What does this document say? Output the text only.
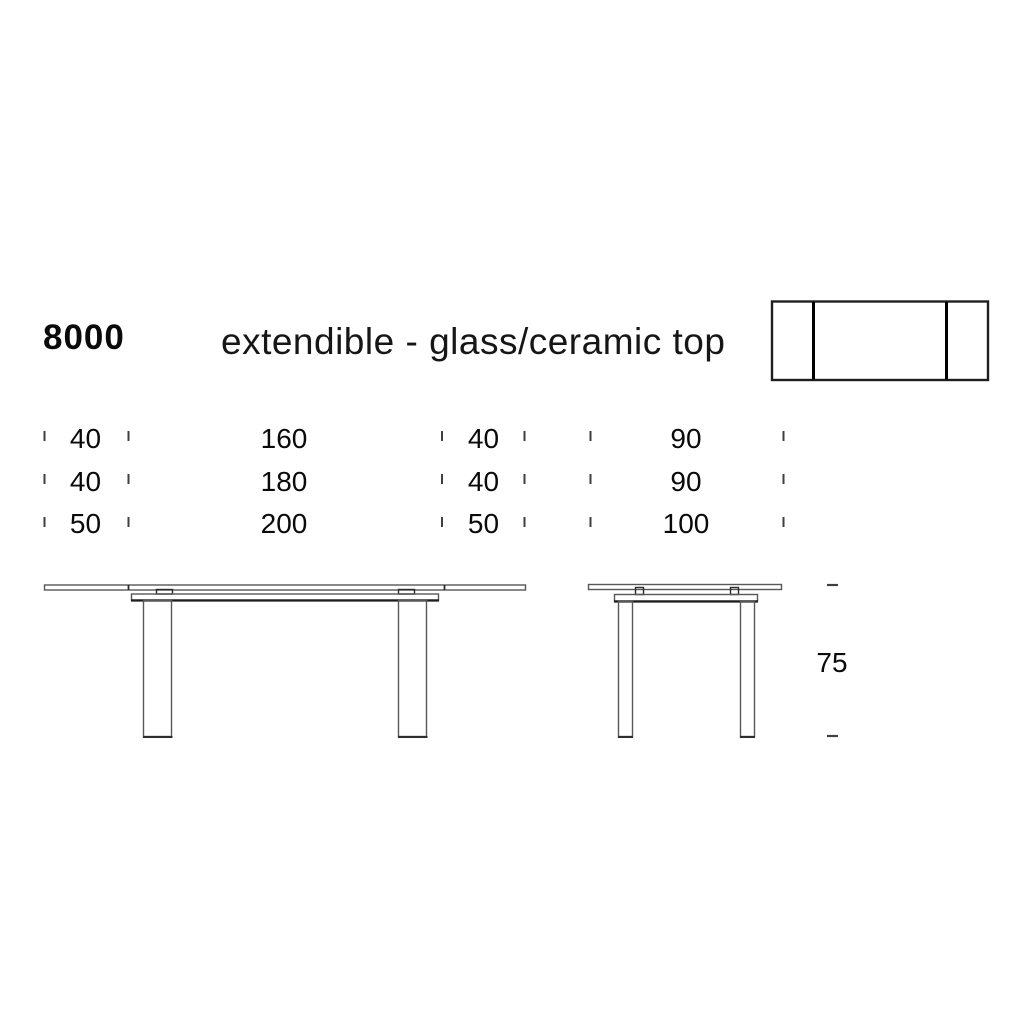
8000	extendible - glass/ceramic top
40	160	40	90
40	180	40	90
50	200	50	100
75
